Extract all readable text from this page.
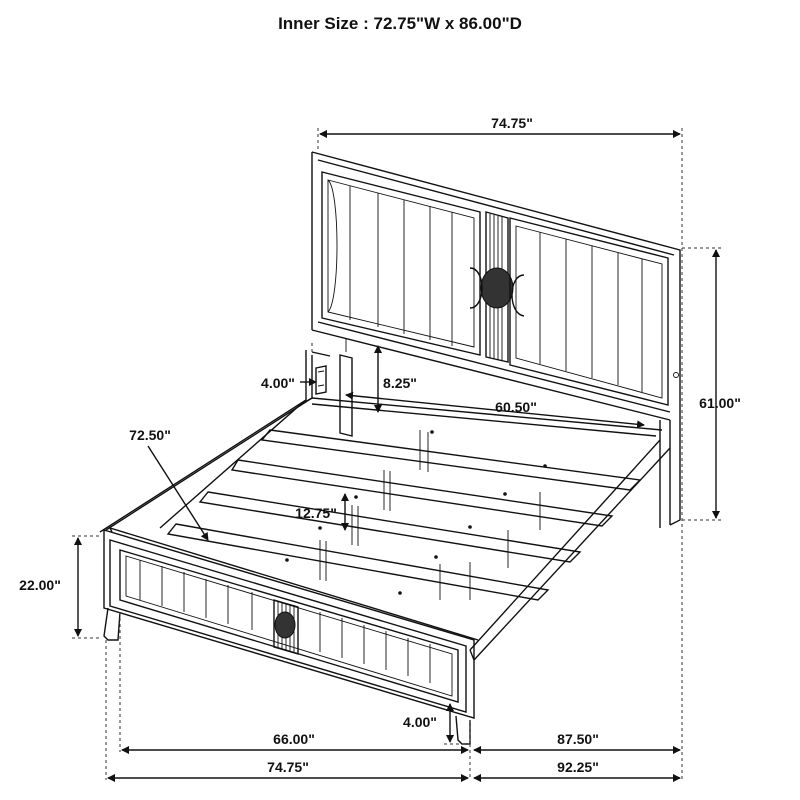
Inner Size : 72.75"W x 86.00"D
74.75"
61.00"
60.50"
8.25"
4.00"
72.50"
12.75"
22.00"
4.00"
66.00"	87.50"
74.75"	92.25"
